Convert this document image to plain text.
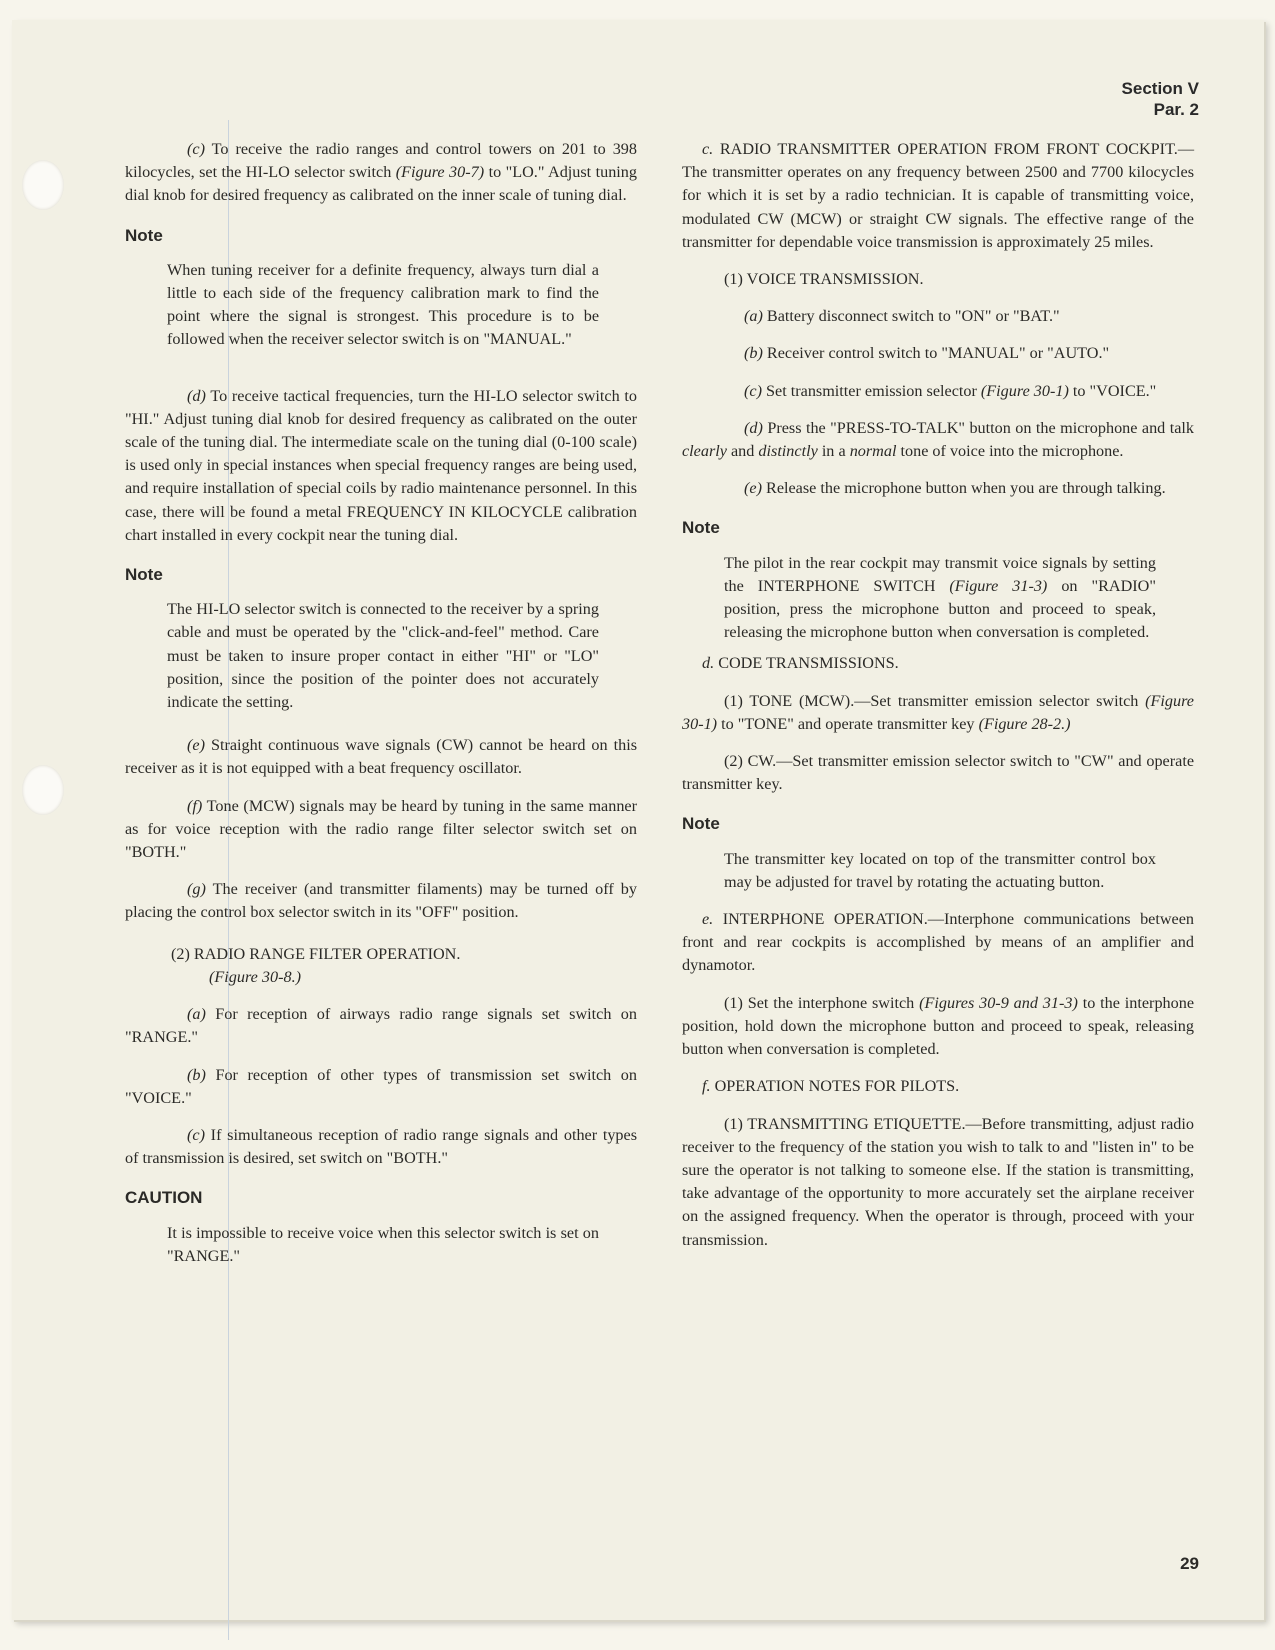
Section V
Par. 2

(c) To receive the radio ranges and control towers on 201 to 398 kilocycles, set the HI-LO selector switch (Figure 30-7) to "LO." Adjust tuning dial knob for desired frequency as calibrated on the inner scale of tuning dial.

Note

When tuning receiver for a definite frequency, always turn dial a little to each side of the frequency calibration mark to find the point where the signal is strongest. This procedure is to be followed when the receiver selector switch is on "MANUAL."

(d) To receive tactical frequencies, turn the HI-LO selector switch to "HI." Adjust tuning dial knob for desired frequency as calibrated on the outer scale of the tuning dial. The intermediate scale on the tuning dial (0-100 scale) is used only in special instances when special frequency ranges are being used, and require installation of special coils by radio maintenance personnel. In this case, there will be found a metal FREQUENCY IN KILOCYCLE calibration chart installed in every cockpit near the tuning dial.

Note

The HI-LO selector switch is connected to the receiver by a spring cable and must be operated by the "click-and-feel" method. Care must be taken to insure proper contact in either "HI" or "LO" position, since the position of the pointer does not accurately indicate the setting.

(e) Straight continuous wave signals (CW) cannot be heard on this receiver as it is not equipped with a beat frequency oscillator.

(f) Tone (MCW) signals may be heard by tuning in the same manner as for voice reception with the radio range filter selector switch set on "BOTH."

(g) The receiver (and transmitter filaments) may be turned off by placing the control box selector switch in its "OFF" position.

(2) RADIO RANGE FILTER OPERATION.

(Figure 30-8.)

(a) For reception of airways radio range signals set switch on "RANGE."

(b) For reception of other types of transmission set switch on "VOICE."

(c) If simultaneous reception of radio range signals and other types of transmission is desired, set switch on "BOTH."

CAUTION

It is impossible to receive voice when this selector switch is set on "RANGE."

c. RADIO TRANSMITTER OPERATION FROM FRONT COCKPIT.—The transmitter operates on any frequency between 2500 and 7700 kilocycles for which it is set by a radio technician. It is capable of transmitting voice, modulated CW (MCW) or straight CW signals. The effective range of the transmitter for dependable voice transmission is approximately 25 miles.

(1) VOICE TRANSMISSION.

(a) Battery disconnect switch to "ON" or "BAT."

(b) Receiver control switch to "MANUAL" or "AUTO."

(c) Set transmitter emission selector (Figure 30-1) to "VOICE."

(d) Press the "PRESS-TO-TALK" button on the microphone and talk clearly and distinctly in a normal tone of voice into the microphone.

(e) Release the microphone button when you are through talking.

Note

The pilot in the rear cockpit may transmit voice signals by setting the INTERPHONE SWITCH (Figure 31-3) on "RADIO" position, press the microphone button and proceed to speak, releasing the microphone button when conversation is completed.

d. CODE TRANSMISSIONS.

(1) TONE (MCW).—Set transmitter emission selector switch (Figure 30-1) to "TONE" and operate transmitter key (Figure 28-2.)

(2) CW.—Set transmitter emission selector switch to "CW" and operate transmitter key.

Note

The transmitter key located on top of the transmitter control box may be adjusted for travel by rotating the actuating button.

e. INTERPHONE OPERATION.—Interphone communications between front and rear cockpits is accomplished by means of an amplifier and dynamotor.

(1) Set the interphone switch (Figures 30-9 and 31-3) to the interphone position, hold down the microphone button and proceed to speak, releasing button when conversation is completed.

f. OPERATION NOTES FOR PILOTS.

(1) TRANSMITTING ETIQUETTE.—Before transmitting, adjust radio receiver to the frequency of the station you wish to talk to and "listen in" to be sure the operator is not talking to someone else. If the station is transmitting, take advantage of the opportunity to more accurately set the airplane receiver on the assigned frequency. When the operator is through, proceed with your transmission.

29
